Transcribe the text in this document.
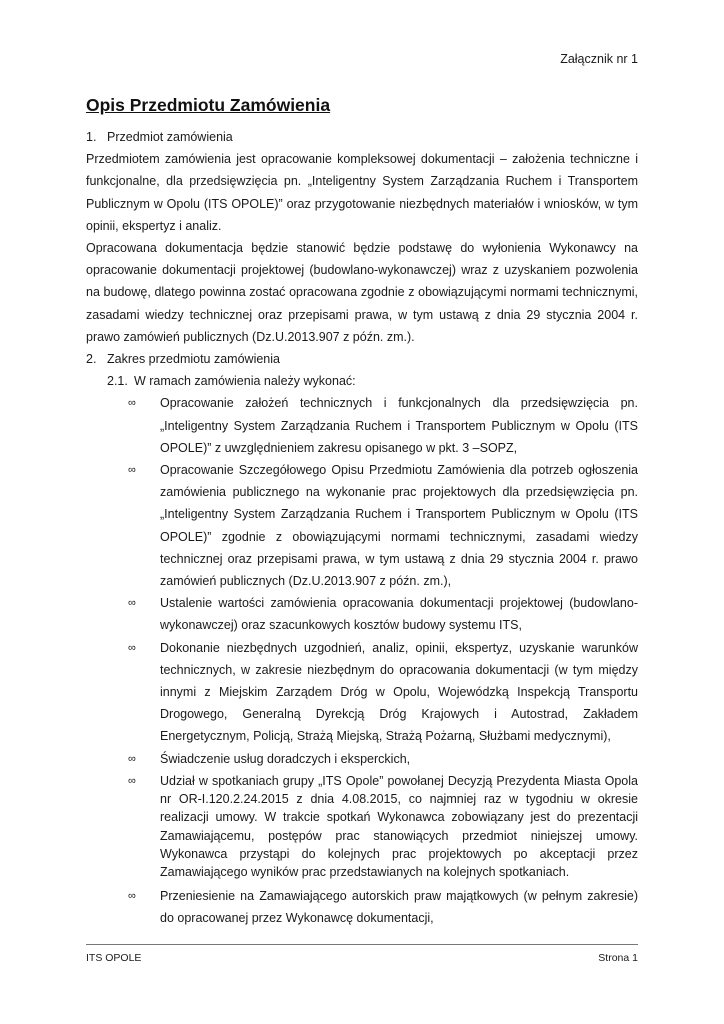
Załącznik nr 1
Opis Przedmiotu Zamówienia
1. Przedmiot zamówienia

Przedmiotem zamówienia jest opracowanie kompleksowej dokumentacji – założenia techniczne i funkcjonalne, dla przedsięwzięcia pn. „Inteligentny System Zarządzania Ruchem i Transportem Publicznym w Opolu (ITS OPOLE)” oraz przygotowanie niezbędnych materiałów i wniosków, w tym opinii, ekspertyz i analiz.

Opracowana dokumentacja będzie stanowić będzie podstawę do wyłonienia Wykonawcy na opracowanie dokumentacji projektowej (budowlano-wykonawczej) wraz z uzyskaniem pozwolenia na budowę, dlatego powinna zostać opracowana zgodnie z obowiązującymi normami technicznymi, zasadami wiedzy technicznej oraz przepisami prawa, w tym ustawą z dnia 29 stycznia 2004 r. prawo zamówień publicznych (Dz.U.2013.907 z późn. zm.).

2. Zakres przedmiotu zamówienia
2.1. W ramach zamówienia należy wykonać:
∞ Opracowanie założeń technicznych i funkcjonalnych dla przedsięwzięcia pn. „Inteligentny System Zarządzania Ruchem i Transportem Publicznym w Opolu (ITS OPOLE)” z uwzględnieniem zakresu opisanego w pkt. 3 –SOPZ,
∞ Opracowanie Szczegółowego Opisu Przedmiotu Zamówienia dla potrzeb ogłoszenia zamówienia publicznego na wykonanie prac projektowych dla przedsięwzięcia pn. „Inteligentny System Zarządzania Ruchem i Transportem Publicznym w Opolu (ITS OPOLE)” zgodnie z obowiązującymi normami technicznymi, zasadami wiedzy technicznej oraz przepisami prawa, w tym ustawą z dnia 29 stycznia 2004 r. prawo zamówień publicznych (Dz.U.2013.907 z późn. zm.),
∞ Ustalenie wartości zamówienia opracowania dokumentacji projektowej (budowlano-wykonawczej) oraz szacunkowych kosztów budowy systemu ITS,
∞ Dokonanie niezbędnych uzgodnień, analiz, opinii, ekspertyz, uzyskanie warunków technicznych, w zakresie niezbędnym do opracowania dokumentacji (w tym między innymi z Miejskim Zarządem Dróg w Opolu, Wojewódzką Inspekcją Transportu Drogowego, Generalną Dyrekcją Dróg Krajowych i Autostrad, Zakładem Energetycznym, Policją, Strażą Miejską, Strażą Pożarną, Służbami medycznymi),
∞ Świadczenie usług doradczych i eksperckich,
∞ Udział w spotkaniach grupy „ITS Opole” powołanej Decyzją Prezydenta Miasta Opola nr OR-I.120.2.24.2015 z dnia 4.08.2015, co najmniej raz w tygodniu w okresie realizacji umowy. W trakcie spotkań Wykonawca zobowiązany jest do prezentacji Zamawiającemu, postępów prac stanowiących przedmiot niniejszej umowy. Wykonawca przystąpi do kolejnych prac projektowych po akceptacji przez Zamawiającego wyników prac przedstawianych na kolejnych spotkaniach.
∞ Przeniesienie na Zamawiającego autorskich praw majątkowych (w pełnym zakresie) do opracowanej przez Wykonawcę dokumentacji,
ITS OPOLE	Strona 1
